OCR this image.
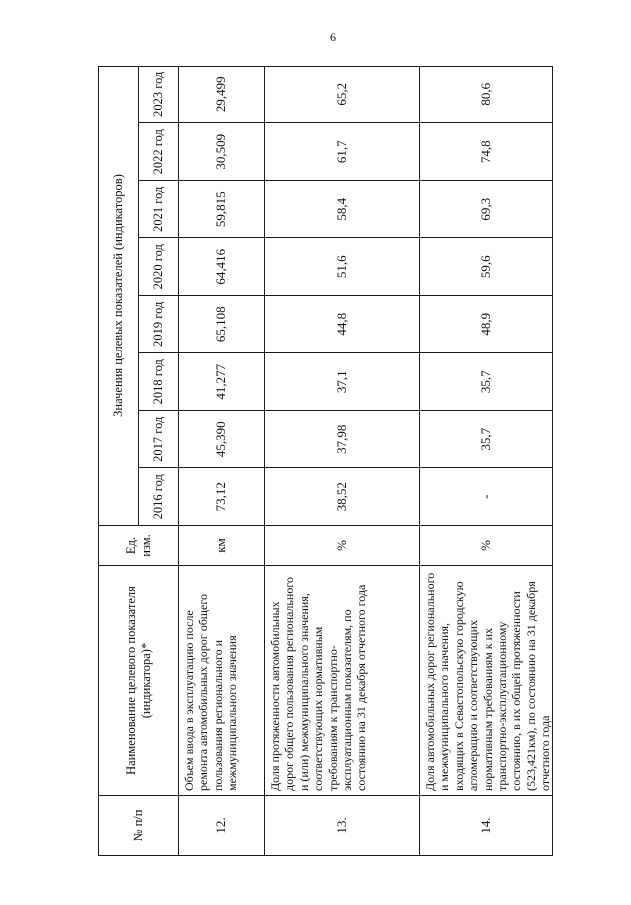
6
№ п/п
Наименование целевого показателя (индикатора)*
Ед. изм.
Значения целевых показателей (индикаторов)
2016 год
2017 год
2018 год
2019 год
2020 год
2021 год
2022 год
2023 год
12.
Объем ввода в эксплуатацию после ремонта автомобильных дорог общего пользования регионального и межмуниципального значения
км
73,12
45,390
41,277
65,108
64,416
59,815
30,509
29,499
13.
Доля протяженности автомобильных дорог общего пользования регионального и (или) межмуниципального значения, соответствующих нормативным требованиям к транспортно-эксплуатационным показателям, по состоянию на 31 декабря отчетного года
%
38,52
37,98
37,1
44,8
51,6
58,4
61,7
65,2
14.
Доля автомобильных дорог регионального и межмуниципального значения, входящих в Севастопольскую городскую агломерацию и соответствующих нормативным требованиям к их транспортно-эксплуатационному состоянию, в их общей протяженности (523,421км), по состоянию на 31 декабря отчетного года
%
-
35,7
35,7
48,9
59,6
69,3
74,8
80,6
